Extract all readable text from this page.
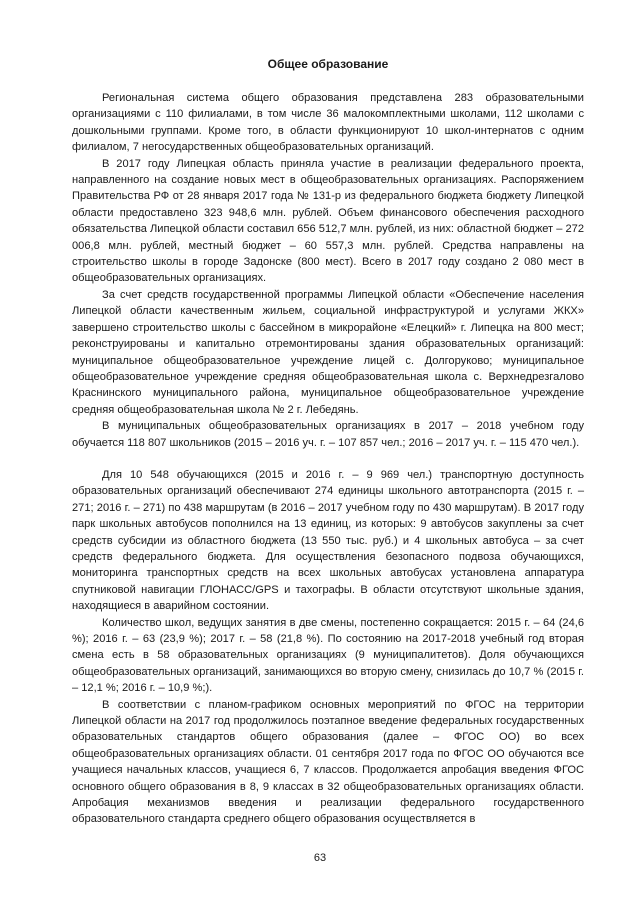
Общее образование

Региональная система общего образования представлена 283 образовательными организациями с 110 филиалами, в том числе 36 малокомплектными школами, 112 школами с дошкольными группами. Кроме того, в области функционируют 10 школ-интернатов с одним филиалом, 7 негосударственных общеобразовательных организаций.

В 2017 году Липецкая область приняла участие в реализации федерального проекта, направленного на создание новых мест в общеобразовательных организациях. Распоряжением Правительства РФ от 28 января 2017 года № 131-р из федерального бюджета бюджету Липецкой области предоставлено 323 948,6 млн. рублей. Объем финансового обеспечения расходного обязательства Липецкой области составил 656 512,7 млн. рублей, из них: областной бюджет – 272 006,8 млн. рублей, местный бюджет – 60 557,3 млн. рублей. Средства направлены на строительство школы в городе Задонске (800 мест). Всего в 2017 году создано 2 080 мест в общеобразовательных организациях.

За счет средств государственной программы Липецкой области «Обеспечение населения Липецкой области качественным жильем, социальной инфраструктурой и услугами ЖКХ» завершено строительство школы с бассейном в микрорайоне «Елецкий» г. Липецка на 800 мест; реконструированы и капитально отремонтированы здания образовательных организаций: муниципальное общеобразовательное учреждение лицей с. Долгоруково; муниципальное общеобразовательное учреждение средняя общеобразовательная школа с. Верхнедрезгалово Краснинского муниципального района, муниципальное общеобразовательное учреждение средняя общеобразовательная школа № 2 г. Лебедянь.

В муниципальных общеобразовательных организациях в 2017 – 2018 учебном году обучается 118 807 школьников (2015 – 2016 уч. г. – 107 857 чел.; 2016 – 2017 уч. г. – 115 470 чел.).

Для 10 548 обучающихся (2015 и 2016 г. – 9 969 чел.) транспортную доступность образовательных организаций обеспечивают 274 единицы школьного автотранспорта (2015 г. – 271; 2016 г. – 271) по 438 маршрутам (в 2016 – 2017 учебном году по 430 маршрутам). В 2017 году парк школьных автобусов пополнился на 13 единиц, из которых: 9 автобусов закуплены за счет средств субсидии из областного бюджета (13 550 тыс. руб.) и 4 школьных автобуса – за счет средств федерального бюджета. Для осуществления безопасного подвоза обучающихся, мониторинга транспортных средств на всех школьных автобусах установлена аппаратура спутниковой навигации ГЛОНАСС/GPS и тахографы. В области отсутствуют школьные здания, находящиеся в аварийном состоянии.

Количество школ, ведущих занятия в две смены, постепенно сокращается: 2015 г. – 64 (24,6 %); 2016 г. – 63 (23,9 %); 2017 г. – 58 (21,8 %). По состоянию на 2017-2018 учебный год вторая смена есть в 58 образовательных организациях (9 муниципалитетов). Доля обучающихся общеобразовательных организаций, занимающихся во вторую смену, снизилась до 10,7 % (2015 г. – 12,1 %; 2016 г. – 10,9 %;).

В соответствии с планом-графиком основных мероприятий по ФГОС на территории Липецкой области на 2017 год продолжилось поэтапное введение федеральных государственных образовательных стандартов общего образования (далее – ФГОС ОО) во всех общеобразовательных организациях области. 01 сентября 2017 года по ФГОС ОО обучаются все учащиеся начальных классов, учащиеся 6, 7 классов. Продолжается апробация введения ФГОС основного общего образования в 8, 9 классах в 32 общеобразовательных организациях области. Апробация механизмов введения и реализации федерального государственного образовательного стандарта среднего общего образования осуществляется в

63
